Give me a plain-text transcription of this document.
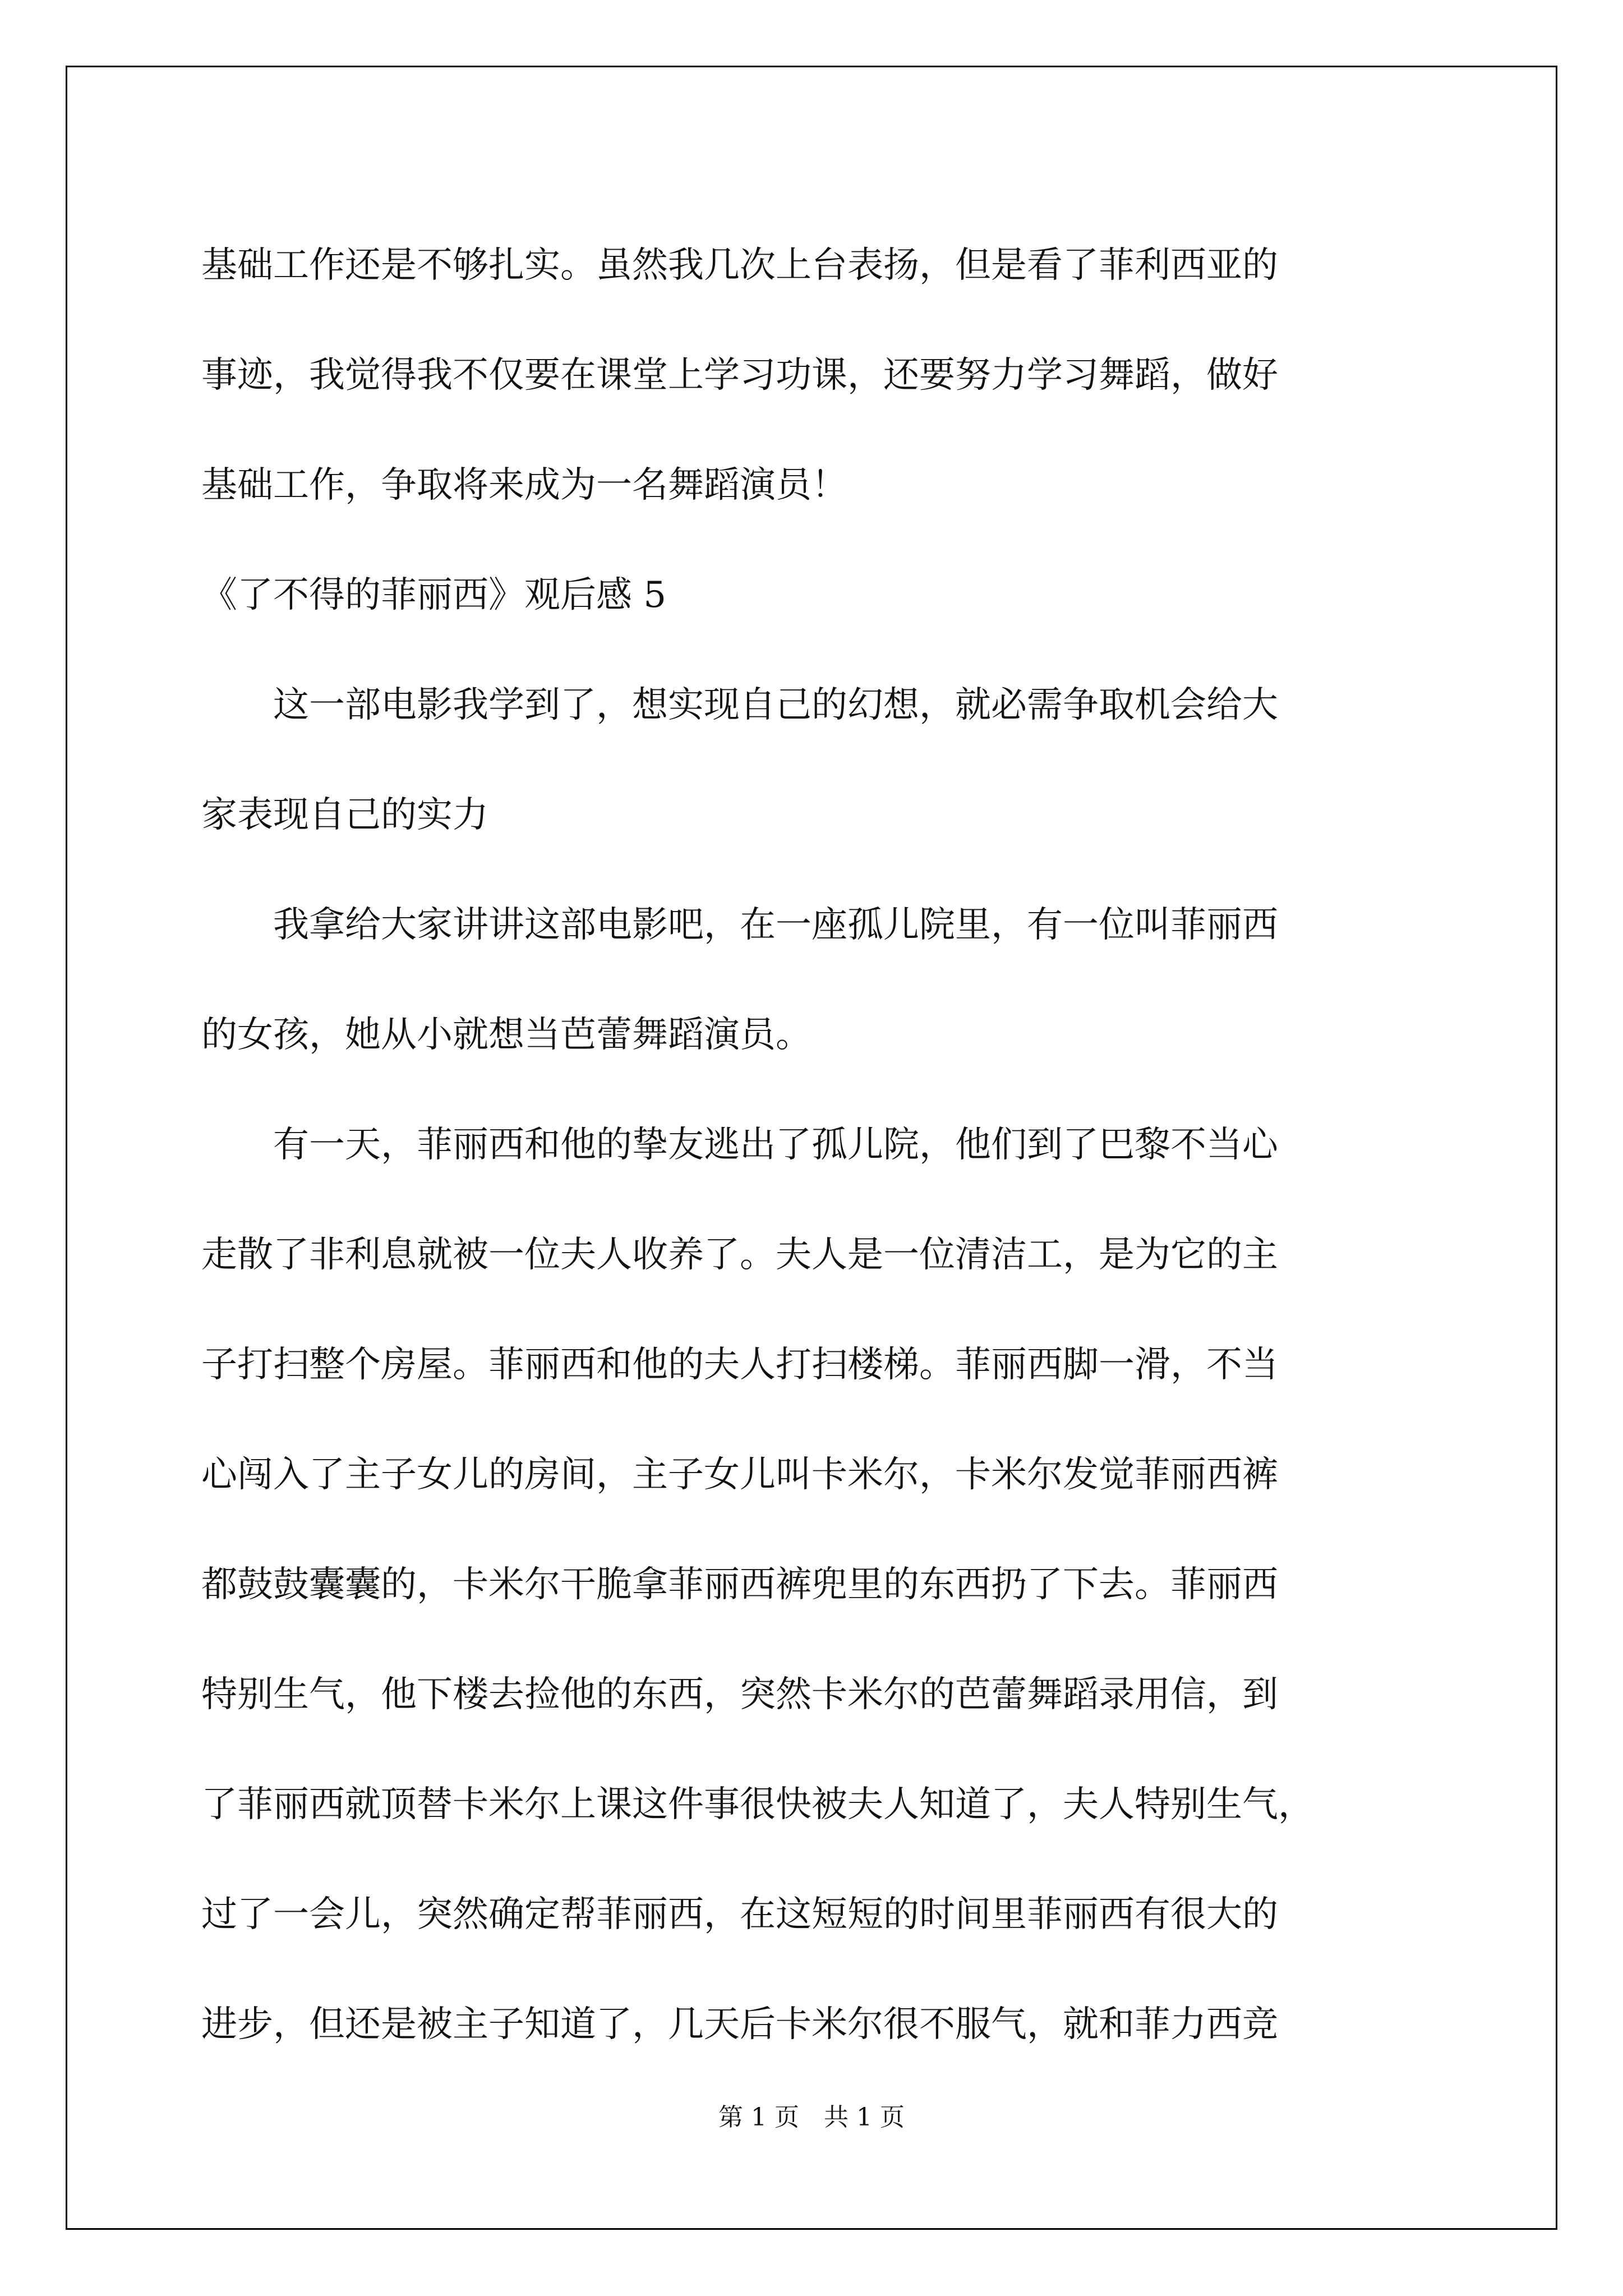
基础工作还是不够扎实。虽然我几次上台表扬，但是看了菲利西亚的
事迹，我觉得我不仅要在课堂上学习功课，还要努力学习舞蹈，做好
基础工作，争取将来成为一名舞蹈演员！
《了不得的菲丽西》观后感 5
这一部电影我学到了，想实现自己的幻想，就必需争取机会给大
家表现自己的实力
我拿给大家讲讲这部电影吧，在一座孤儿院里，有一位叫菲丽西
的女孩，她从小就想当芭蕾舞蹈演员。
有一天，菲丽西和他的挚友逃出了孤儿院，他们到了巴黎不当心
走散了非利息就被一位夫人收养了。夫人是一位清洁工，是为它的主
子打扫整个房屋。菲丽西和他的夫人打扫楼梯。菲丽西脚一滑，不当
心闯入了主子女儿的房间，主子女儿叫卡米尔，卡米尔发觉菲丽西裤
都鼓鼓囊囊的，卡米尔干脆拿菲丽西裤兜里的东西扔了下去。菲丽西
特别生气，他下楼去捡他的东西，突然卡米尔的芭蕾舞蹈录用信，到
了菲丽西就顶替卡米尔上课这件事很快被夫人知道了，夫人特别生气，
过了一会儿，突然确定帮菲丽西，在这短短的时间里菲丽西有很大的
进步，但还是被主子知道了，几天后卡米尔很不服气，就和菲力西竞
第 1 页 共 1 页
